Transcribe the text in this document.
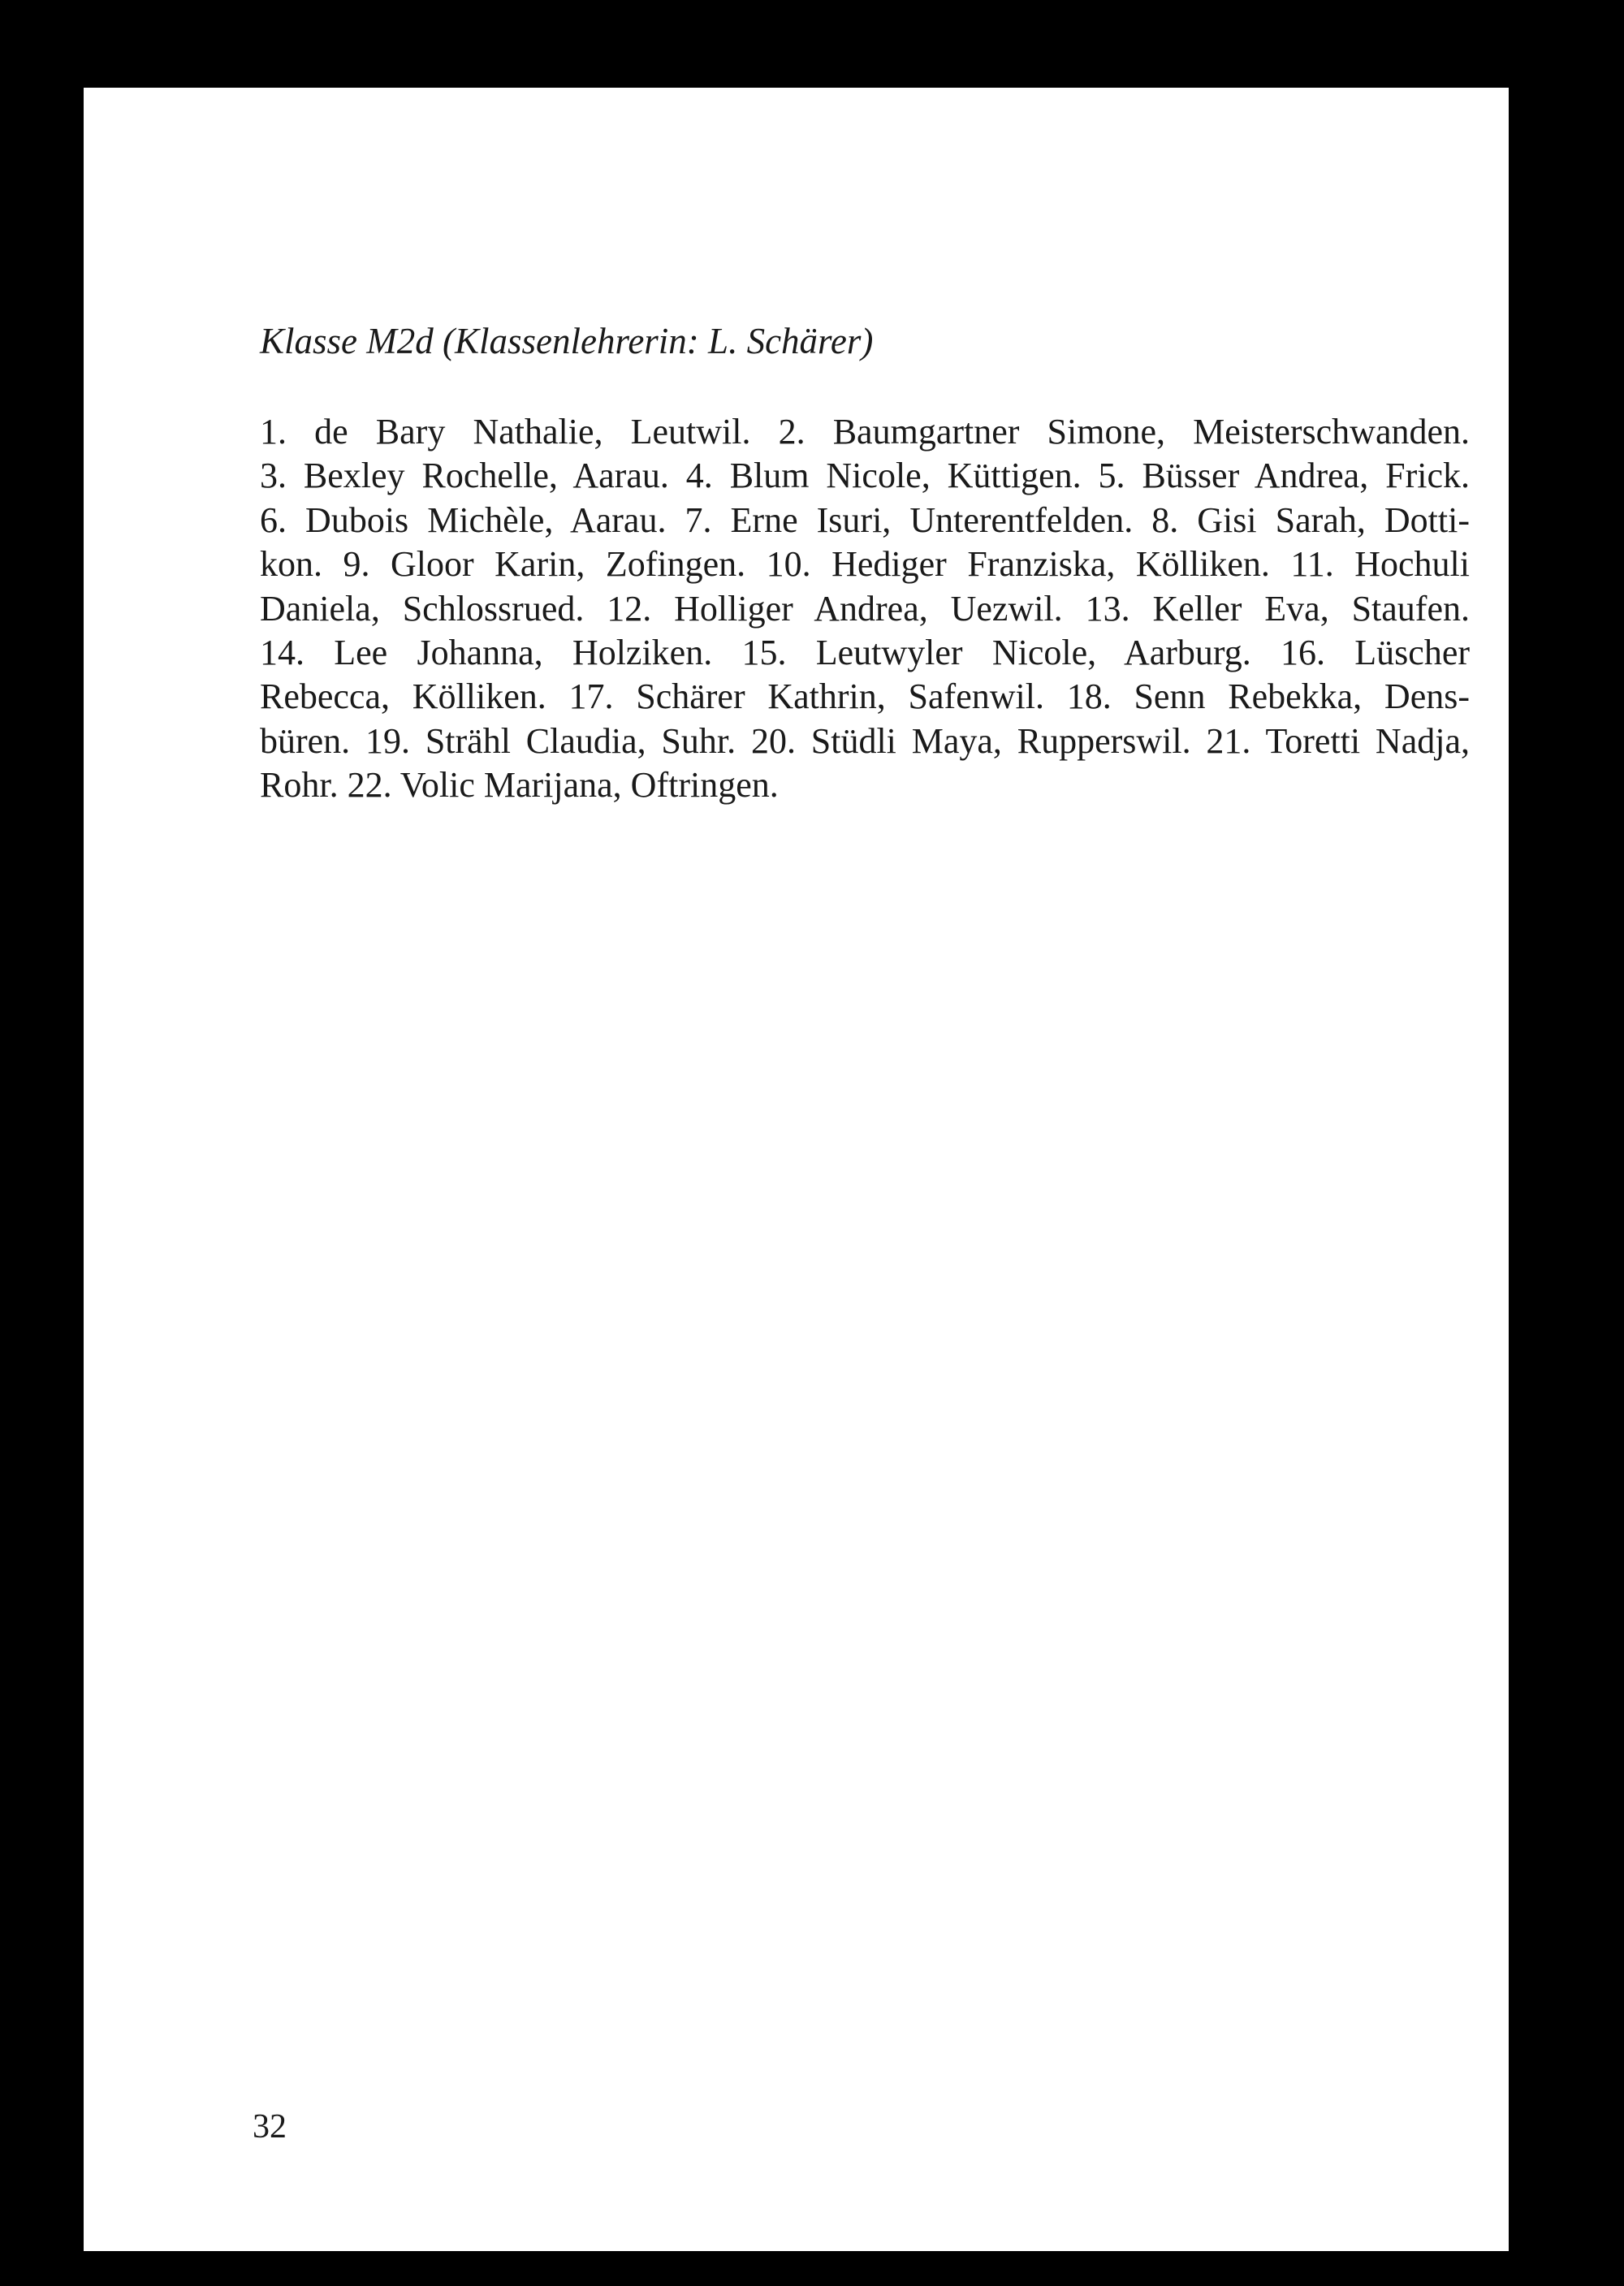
Klasse M2d (Klassenlehrerin: L. Schärer)
1. de Bary Nathalie, Leutwil. 2. Baumgartner Simone, Meisterschwanden.
3. Bexley Rochelle, Aarau. 4. Blum Nicole, Küttigen. 5. Büsser Andrea, Frick.
6. Dubois Michèle, Aarau. 7. Erne Isuri, Unterentfelden. 8. Gisi Sarah, Dotti-
kon. 9. Gloor Karin, Zofingen. 10. Hediger Franziska, Kölliken. 11. Hochuli
Daniela, Schlossrued. 12. Holliger Andrea, Uezwil. 13. Keller Eva, Staufen.
14. Lee Johanna, Holziken. 15. Leutwyler Nicole, Aarburg. 16. Lüscher
Rebecca, Kölliken. 17. Schärer Kathrin, Safenwil. 18. Senn Rebekka, Dens-
büren. 19. Strähl Claudia, Suhr. 20. Stüdli Maya, Rupperswil. 21. Toretti Nadja,
Rohr. 22. Volic Marijana, Oftringen.
32
